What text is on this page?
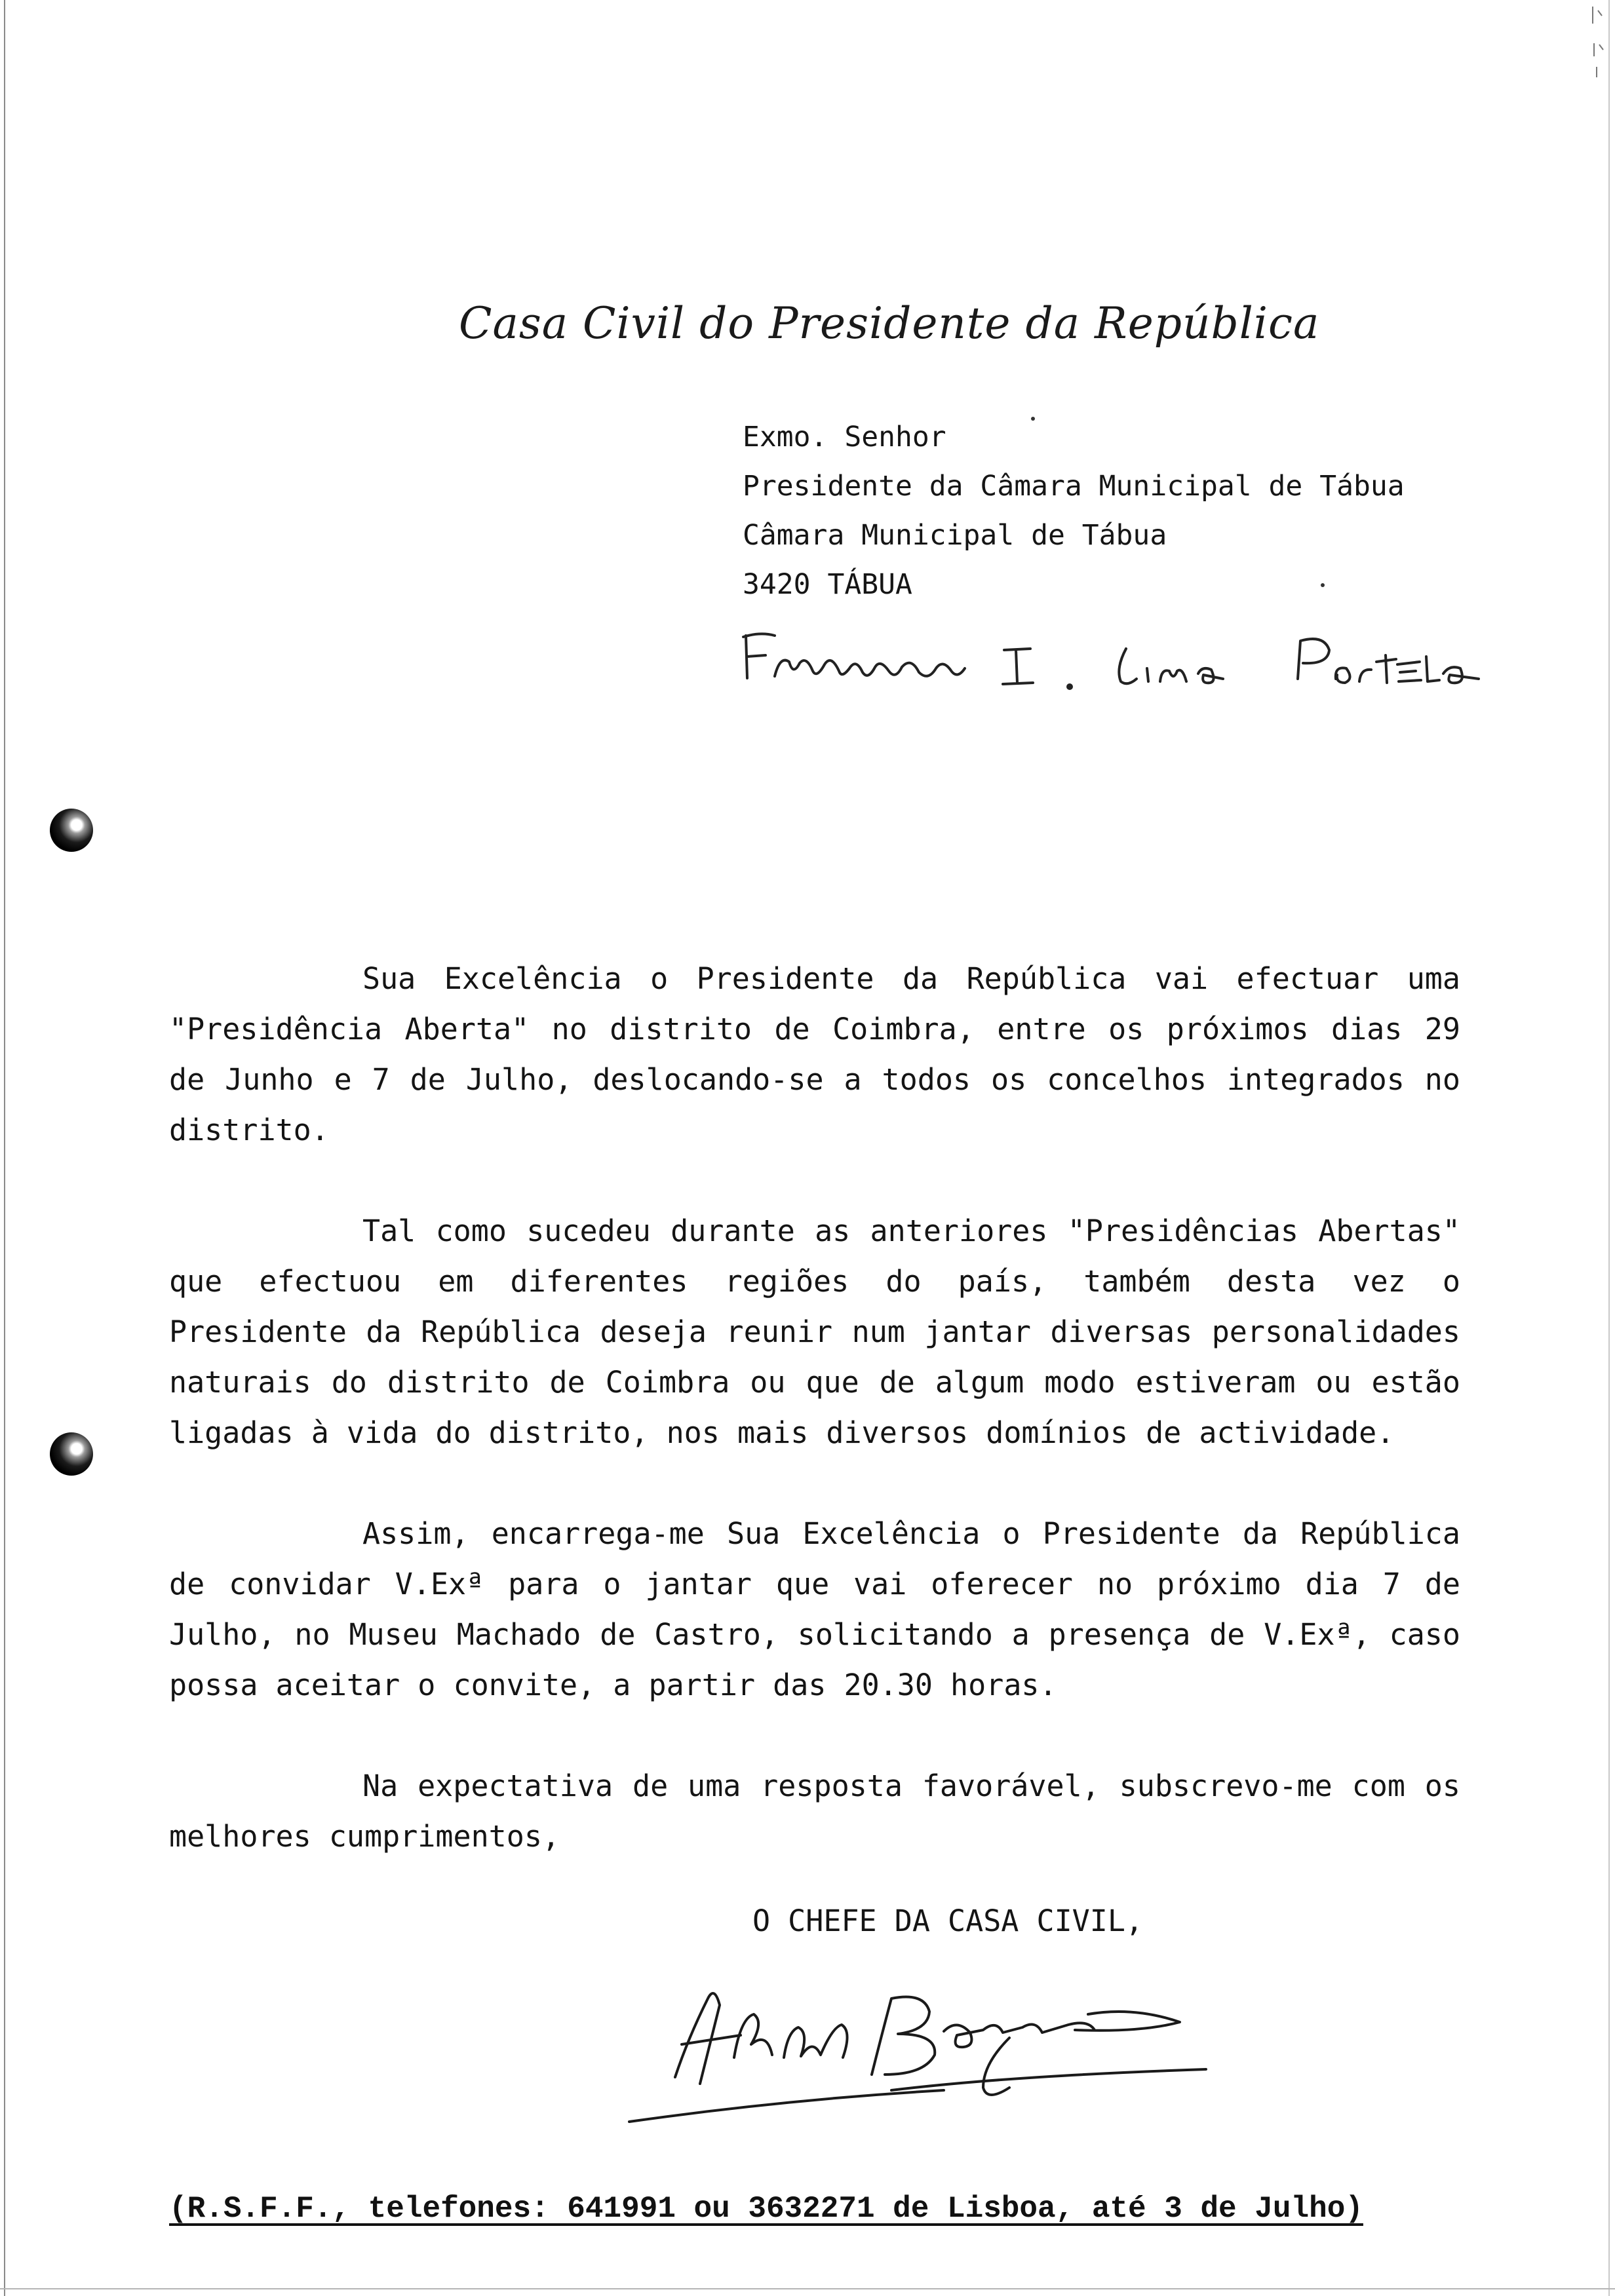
Casa Civil do Presidente da República
Exmo. Senhor
Presidente da Câmara Municipal de Tábua
Câmara Municipal de Tábua
3420 TÁBUA

Sua Excelência o Presidente da República vai efectuar uma "Presidência Aberta" no distrito de Coimbra, entre os próximos dias 29 de Junho e 7 de Julho, deslocando-se a todos os concelhos integrados no distrito.

Tal como sucedeu durante as anteriores "Presidências Abertas" que efectuou em diferentes regiões do país, também desta vez o Presidente da República deseja reunir num jantar diversas personalidades naturais do distrito de Coimbra ou que de algum modo estiveram ou estão ligadas à vida do distrito, nos mais diversos domínios de actividade.

Assim, encarrega-me Sua Excelência o Presidente da República de convidar V.Exª para o jantar que vai oferecer no próximo dia 7 de Julho, no Museu Machado de Castro, solicitando a presença de V.Exª, caso possa aceitar o convite, a partir das 20.30 horas.

Na expectativa de uma resposta favorável, subscrevo-me com os melhores cumprimentos,

O CHEFE DA CASA CIVIL,
(R.S.F.F., telefones: 641991 ou 3632271 de Lisboa, até 3 de Julho)
